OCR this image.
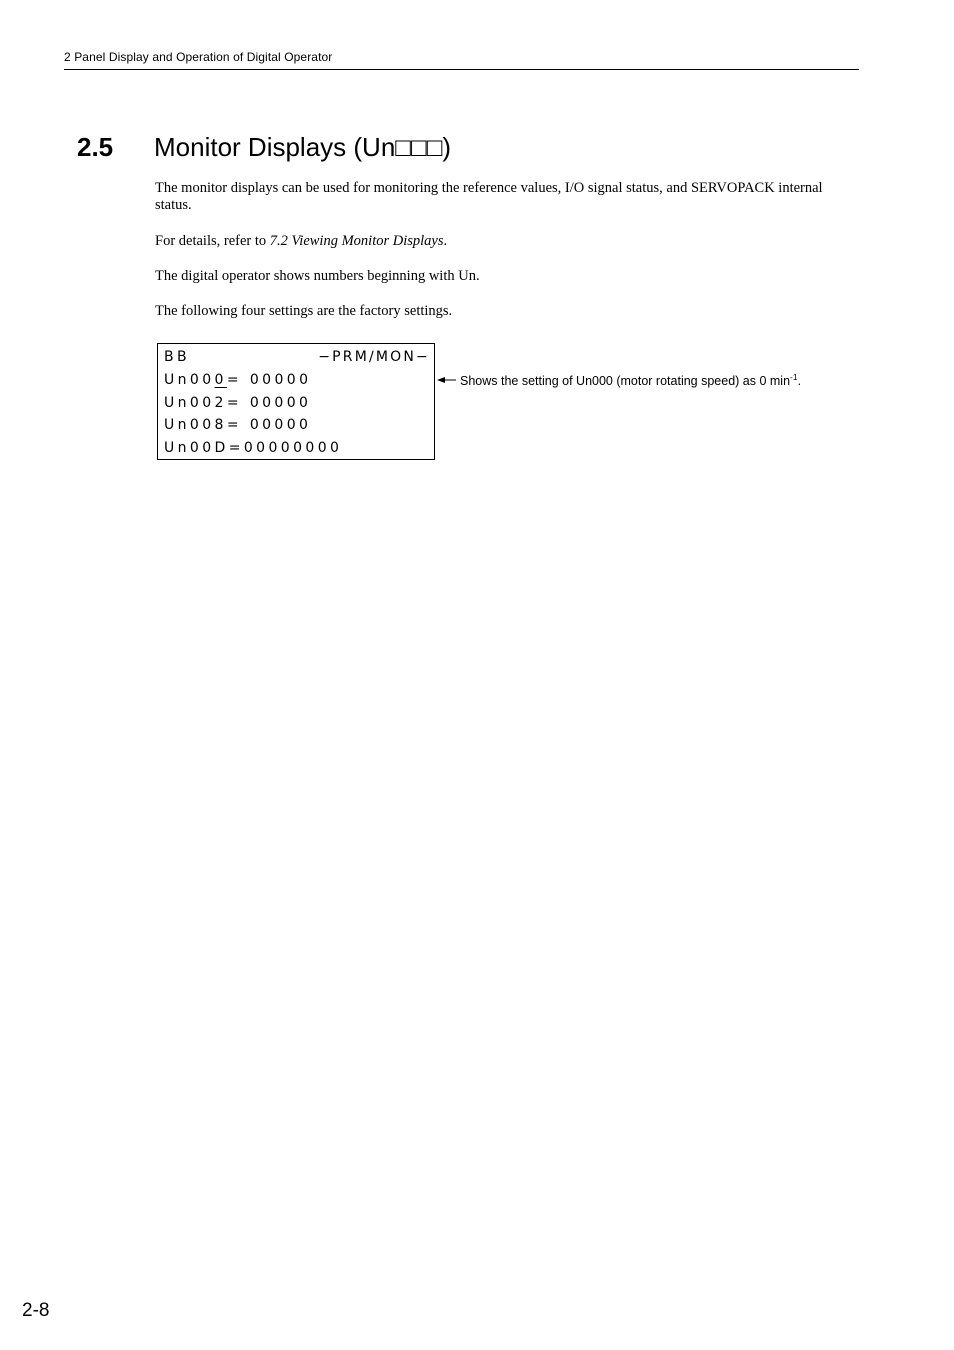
2 Panel Display and Operation of Digital Operator
2.5 Monitor Displays (Un□□□)
The monitor displays can be used for monitoring the reference values, I/O signal status, and SERVOPACK internal status.
For details, refer to 7.2 Viewing Monitor Displays.
The digital operator shows numbers beginning with Un.
The following four settings are the factory settings.
BB	−PRM∕MON−
Un000= 00000
Un002= 00000
Un008= 00000
Un00D=00000000
Shows the setting of Un000 (motor rotating speed) as 0 $\min^{-1}$.
2-8
